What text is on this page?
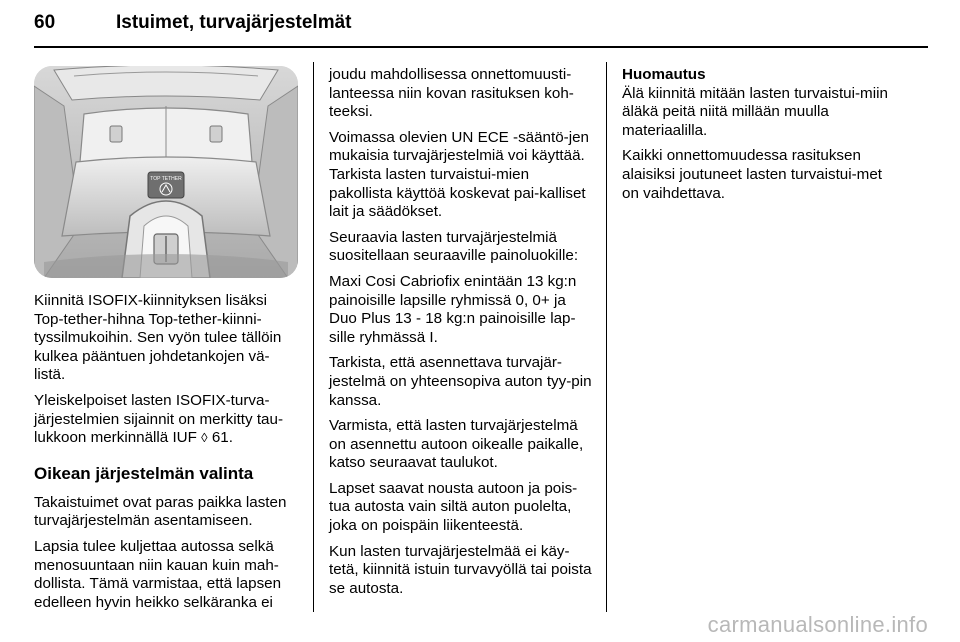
60	Istuimet, turvajärjestelmät
TOP TETHER

Kiinnitä ISOFIX-kiinnityksen lisäksi Top-tether-hihna Top-tether-kiinni-tyssilmukoihin. Sen vyön tulee tällöin kulkea pääntuen johdetankojen vä-listä.

Yleiskelpoiset lasten ISOFIX-turva-järjestelmien sijainnit on merkitty tau-lukkoon merkinnällä IUF ◊ 61.

Oikean järjestelmän valinta

Takaistuimet ovat paras paikka lasten turvajärjestelmän asentamiseen.

Lapsia tulee kuljettaa autossa selkä menosuuntaan niin kauan kuin mah-dollista. Tämä varmistaa, että lapsen edelleen hyvin heikko selkäranka ei

joudu mahdollisessa onnettomuusti-lanteessa niin kovan rasituksen koh-teeksi.

Voimassa olevien UN ECE -sääntö-jen mukaisia turvajärjestelmiä voi käyttää. Tarkista lasten turvaistui-mien pakollista käyttöä koskevat pai-kalliset lait ja säädökset.

Seuraavia lasten turvajärjestelmiä suositellaan seuraaville painoluokille:

Maxi Cosi Cabriofix enintään 13 kg:n painoisille lapsille ryhmissä 0, 0+ ja Duo Plus 13 - 18 kg:n painoisille lap-sille ryhmässä I.

Tarkista, että asennettava turvajär-jestelmä on yhteensopiva auton tyy-pin kanssa.

Varmista, että lasten turvajärjestelmä on asennettu autoon oikealle paikalle, katso seuraavat taulukot.

Lapset saavat nousta autoon ja pois-tua autosta vain siltä auton puolelta, joka on poispäin liikenteestä.

Kun lasten turvajärjestelmää ei käy-tetä, kiinnitä istuin turvavyöllä tai poista se autosta.

Huomautus

Älä kiinnitä mitään lasten turvaistui-miin äläkä peitä niitä millään muulla materiaalilla.

Kaikki onnettomuudessa rasituksen alaisiksi joutuneet lasten turvaistui-met on vaihdettava.

carmanualsonline.info
